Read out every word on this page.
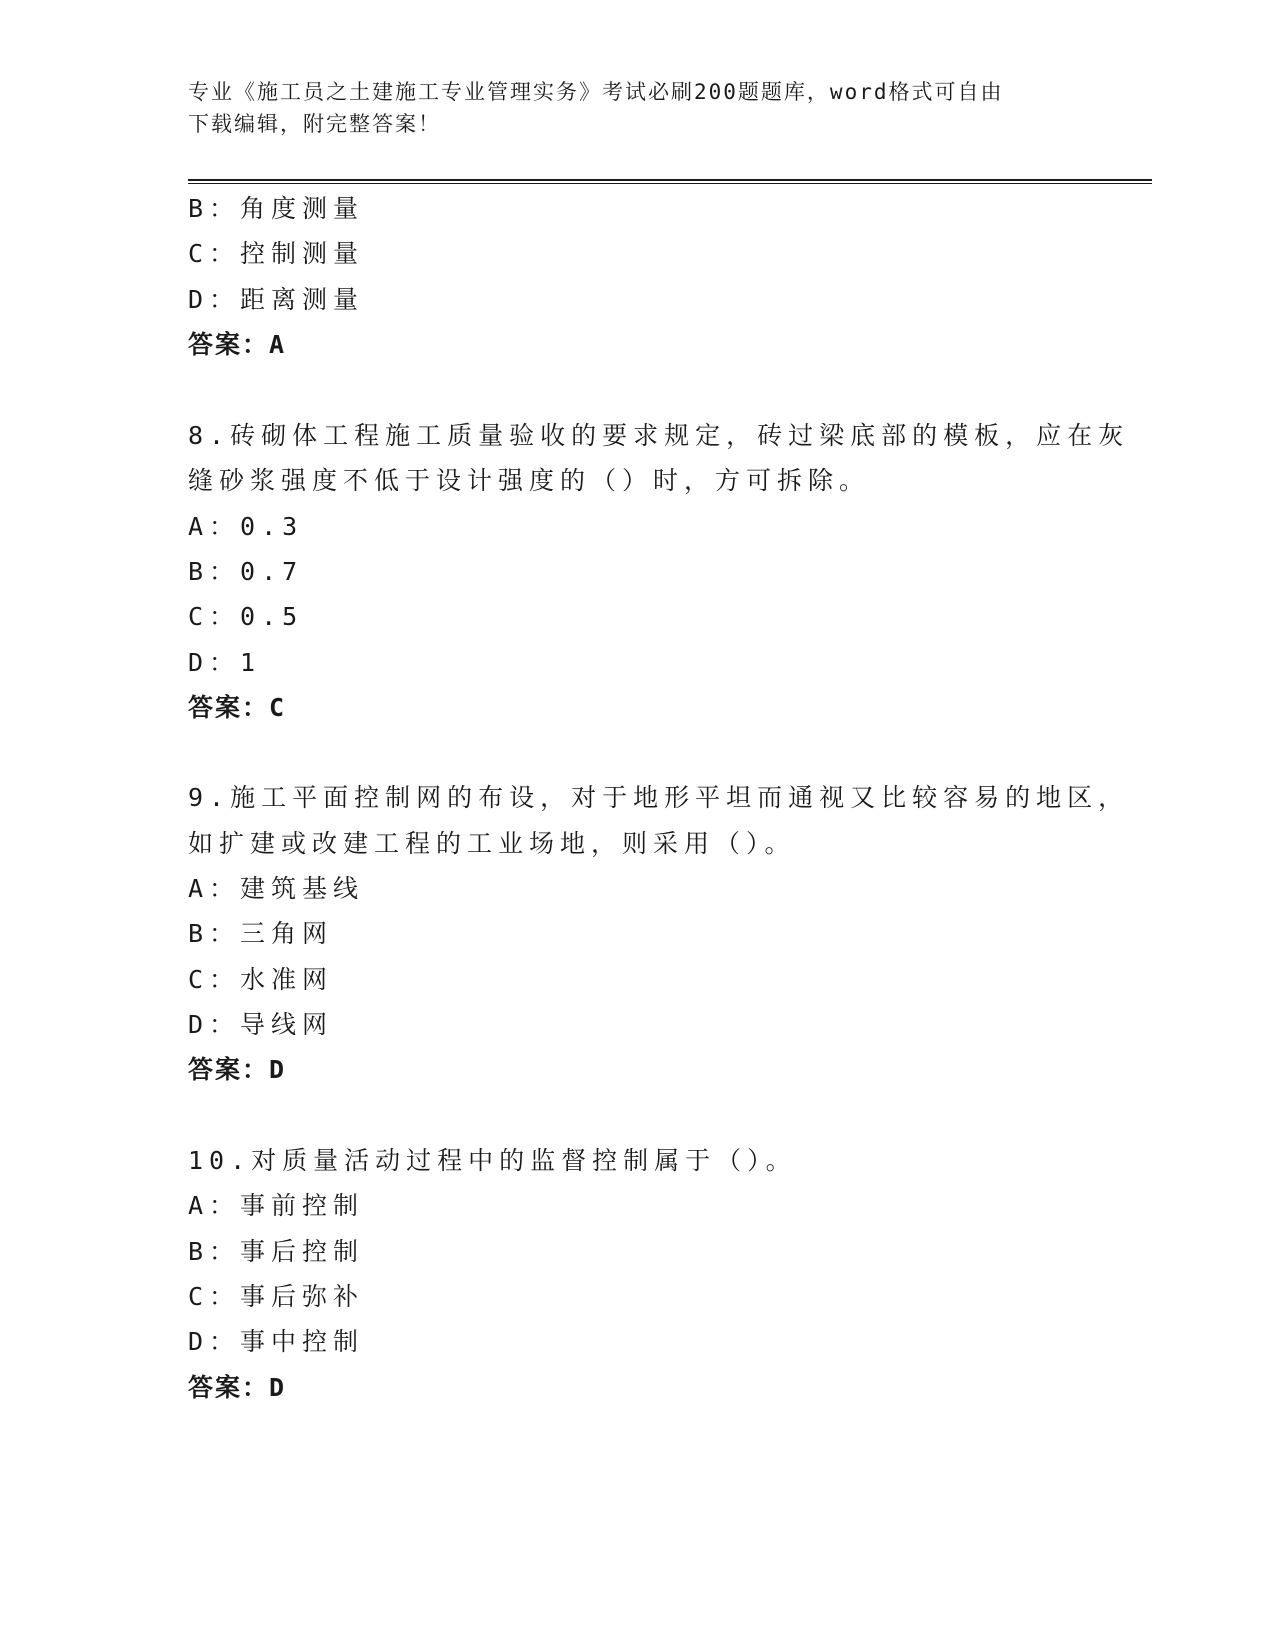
专业《施工员之土建施工专业管理实务》考试必刷200题题库，word格式可自由
下载编辑，附完整答案！
B：角度测量
C：控制测量
D：距离测量
答案：A
8.砖砌体工程施工质量验收的要求规定，砖过梁底部的模板，应在灰
缝砂浆强度不低于设计强度的（）时，方可拆除。
A：0.3
B：0.7
C：0.5
D：1
答案：C
9.施工平面控制网的布设，对于地形平坦而通视又比较容易的地区，
如扩建或改建工程的工业场地，则采用（）。
A：建筑基线
B：三角网
C：水准网
D：导线网
答案：D
10.对质量活动过程中的监督控制属于（）。
A：事前控制
B：事后控制
C：事后弥补
D：事中控制
答案：D
